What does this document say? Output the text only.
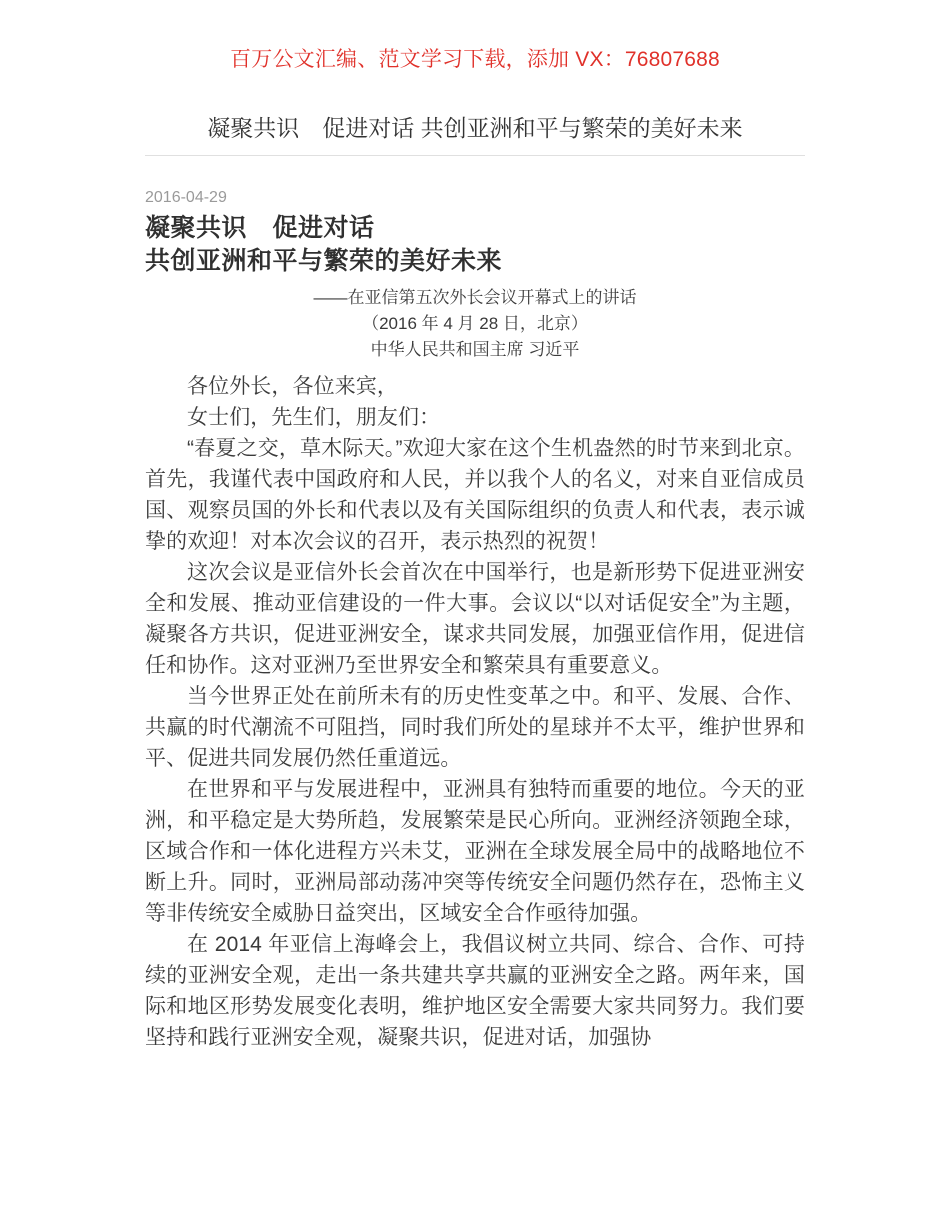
百万公文汇编、范文学习下载，添加 VX：76807688
凝聚共识　促进对话 共创亚洲和平与繁荣的美好未来
2016-04-29
凝聚共识　促进对话
共创亚洲和平与繁荣的美好未来
——在亚信第五次外长会议开幕式上的讲话
（2016 年 4 月 28 日，北京）
中华人民共和国主席 习近平

各位外长，各位来宾，

女士们，先生们，朋友们：

“春夏之交，草木际天。”欢迎大家在这个生机盎然的时节来到北京。首先，我谨代表中国政府和人民，并以我个人的名义，对来自亚信成员国、观察员国的外长和代表以及有关国际组织的负责人和代表，表示诚挚的欢迎！对本次会议的召开，表示热烈的祝贺！

这次会议是亚信外长会首次在中国举行，也是新形势下促进亚洲安全和发展、推动亚信建设的一件大事。会议以“以对话促安全”为主题，凝聚各方共识，促进亚洲安全，谋求共同发展，加强亚信作用，促进信任和协作。这对亚洲乃至世界安全和繁荣具有重要意义。

当今世界正处在前所未有的历史性变革之中。和平、发展、合作、共赢的时代潮流不可阻挡，同时我们所处的星球并不太平，维护世界和平、促进共同发展仍然任重道远。

在世界和平与发展进程中，亚洲具有独特而重要的地位。今天的亚洲，和平稳定是大势所趋，发展繁荣是民心所向。亚洲经济领跑全球，区域合作和一体化进程方兴未艾，亚洲在全球发展全局中的战略地位不断上升。同时，亚洲局部动荡冲突等传统安全问题仍然存在，恐怖主义等非传统安全威胁日益突出，区域安全合作亟待加强。

在 2014 年亚信上海峰会上，我倡议树立共同、综合、合作、可持续的亚洲安全观，走出一条共建共享共赢的亚洲安全之路。两年来，国际和地区形势发展变化表明，维护地区安全需要大家共同努力。我们要坚持和践行亚洲安全观，凝聚共识，促进对话，加强协
